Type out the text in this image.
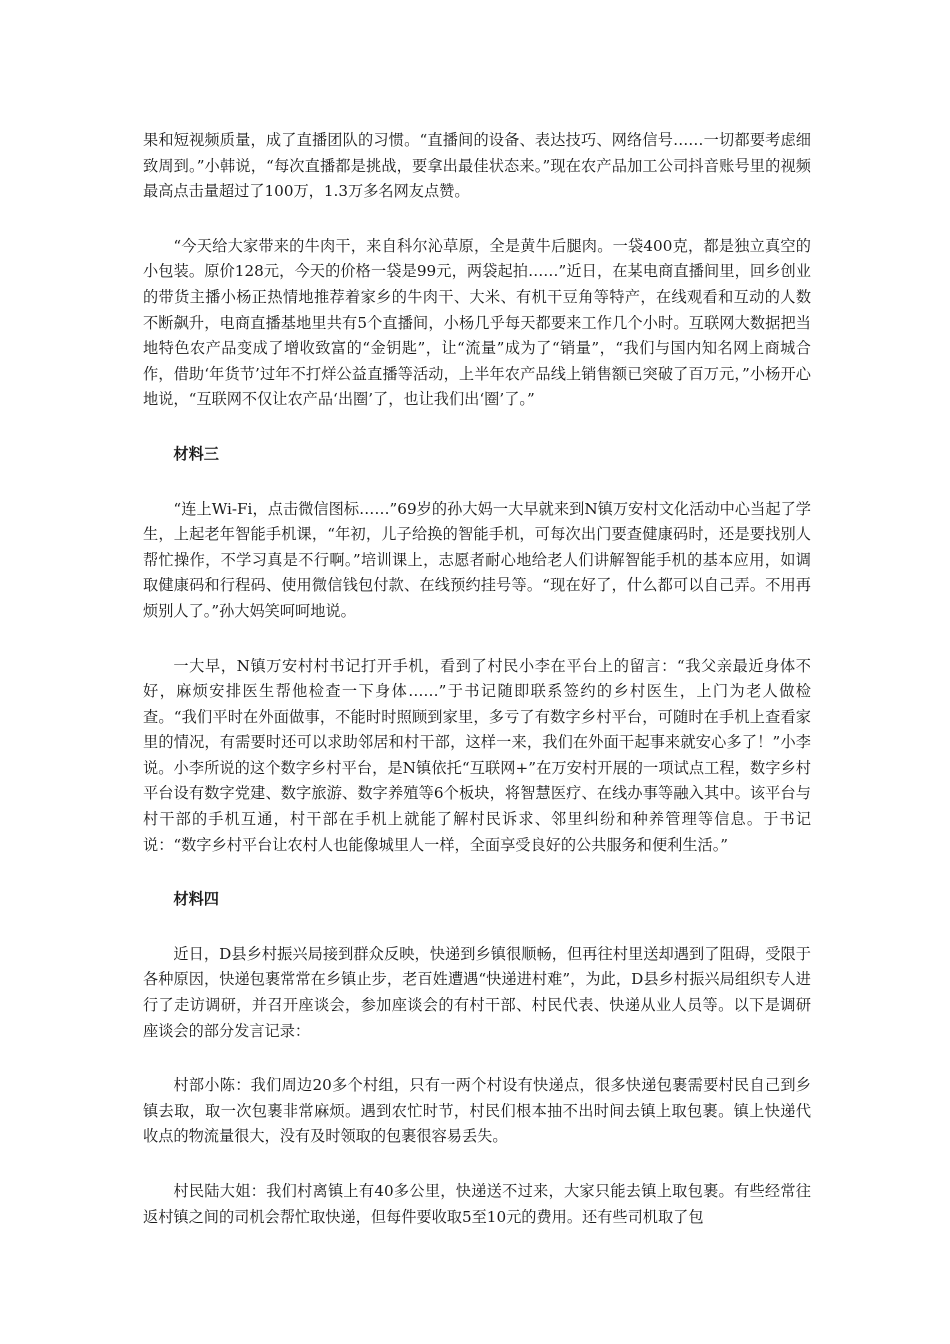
果和短视频质量，成了直播团队的习惯。“直播间的设备、表达技巧、网络信号……一切都要考虑细致周到。”小韩说，“每次直播都是挑战，要拿出最佳状态来。”现在农产品加工公司抖音账号里的视频最高点击量超过了100万，1.3万多名网友点赞。

“今天给大家带来的牛肉干，来自科尔沁草原，全是黄牛后腿肉。一袋400克，都是独立真空的小包装。原价128元，今天的价格一袋是99元，两袋起拍……”近日，在某电商直播间里，回乡创业的带货主播小杨正热情地推荐着家乡的牛肉干、大米、有机干豆角等特产，在线观看和互动的人数不断飙升，电商直播基地里共有5个直播间，小杨几乎每天都要来工作几个小时。互联网大数据把当地特色农产品变成了增收致富的“金钥匙”，让“流量”成为了“销量”，“我们与国内知名网上商城合作，借助‘年货节’过年不打烊公益直播等活动，上半年农产品线上销售额已突破了百万元，”小杨开心地说，“互联网不仅让农产品‘出圈’了，也让我们出‘圈’了。”

材料三

“连上Wi-Fi，点击微信图标……”69岁的孙大妈一大早就来到N镇万安村文化活动中心当起了学生，上起老年智能手机课，“年初，儿子给换的智能手机，可每次出门要查健康码时，还是要找别人帮忙操作，不学习真是不行啊。”培训课上，志愿者耐心地给老人们讲解智能手机的基本应用，如调取健康码和行程码、使用微信钱包付款、在线预约挂号等。“现在好了，什么都可以自己弄。不用再烦别人了。”孙大妈笑呵呵地说。

一大早，N镇万安村村书记打开手机，看到了村民小李在平台上的留言：“我父亲最近身体不好，麻烦安排医生帮他检查一下身体……”于书记随即联系签约的乡村医生，上门为老人做检查。“我们平时在外面做事，不能时时照顾到家里，多亏了有数字乡村平台，可随时在手机上查看家里的情况，有需要时还可以求助邻居和村干部，这样一来，我们在外面干起事来就安心多了！”小李说。小李所说的这个数字乡村平台，是N镇依托“互联网+”在万安村开展的一项试点工程，数字乡村平台设有数字党建、数字旅游、数字养殖等6个板块，将智慧医疗、在线办事等融入其中。该平台与村干部的手机互通，村干部在手机上就能了解村民诉求、邻里纠纷和种养管理等信息。于书记说：“数字乡村平台让农村人也能像城里人一样，全面享受良好的公共服务和便利生活。”

材料四

近日，D县乡村振兴局接到群众反映，快递到乡镇很顺畅，但再往村里送却遇到了阻碍，受限于各种原因，快递包裹常常在乡镇止步，老百姓遭遇“快递进村难”，为此，D县乡村振兴局组织专人进行了走访调研，并召开座谈会，参加座谈会的有村干部、村民代表、快递从业人员等。以下是调研座谈会的部分发言记录：

村部小陈：我们周边20多个村组，只有一两个村设有快递点，很多快递包裹需要村民自己到乡镇去取，取一次包裹非常麻烦。遇到农忙时节，村民们根本抽不出时间去镇上取包裹。镇上快递代收点的物流量很大，没有及时领取的包裹很容易丢失。

村民陆大姐：我们村离镇上有40多公里，快递送不过来，大家只能去镇上取包裹。有些经常往返村镇之间的司机会帮忙取快递，但每件要收取5至10元的费用。还有些司机取了包
